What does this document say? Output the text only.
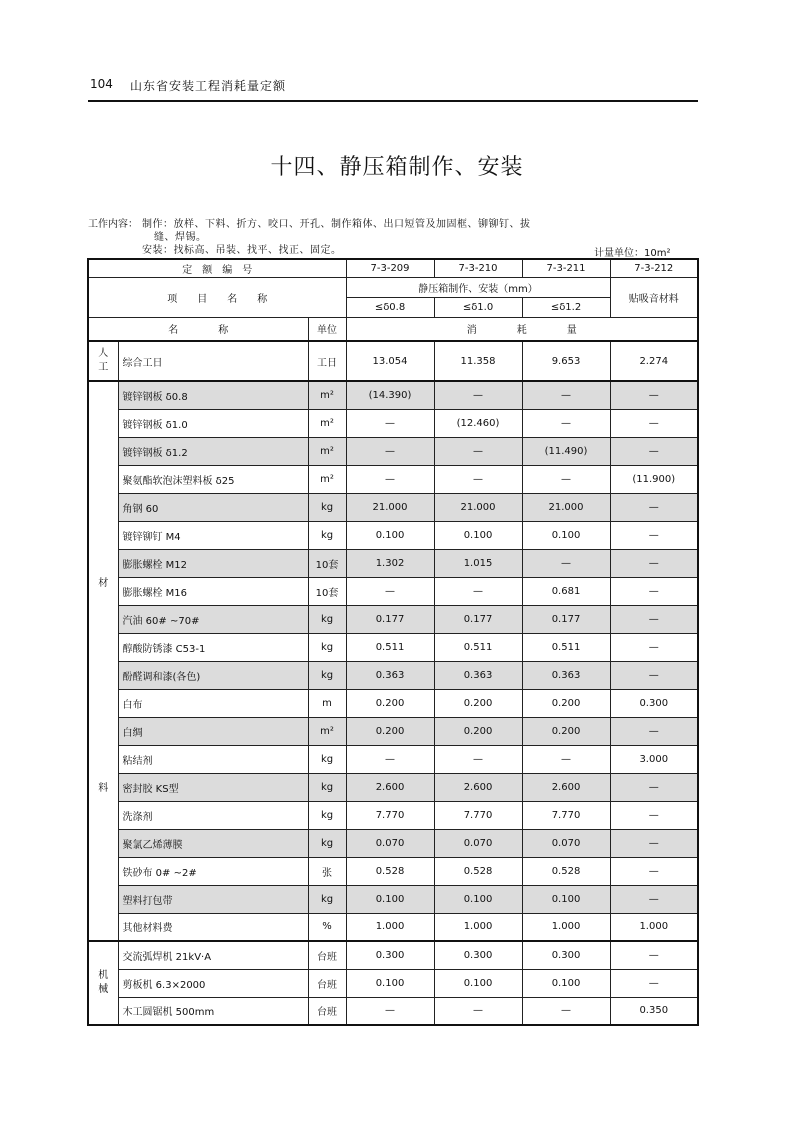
104 山东省安装工程消耗量定额
十四、静压箱制作、安装
工作内容： 制作：放样、下料、折方、咬口、开孔、制作箱体、出口短管及加固框、铆铆钉、拔
缝、焊锡。
安装：找标高、吊装、找平、找正、固定。	计量单位：10m²
定　额　编　号			7-3-209	7-3-210	7-3-211	7-3-212
项　　目　　名　　称			静压箱制作、安装（mm）			贴吸音材料
			≤δ0.8	≤δ1.0	≤δ1.2	
名　　　　称		单位	消　　　　耗　　　　量			
人工	综合工日	工日	13.054	11.358	9.653	2.274

材
料	镀锌钢板 δ0.8	m²	(14.390)	—	—	—
	镀锌钢板 δ1.0	m²	—	(12.460)	—	—
	镀锌钢板 δ1.2	m²	—	—	(11.490)	—
	聚氨酯软泡沫塑料板 δ25	m²	—	—	—	(11.900)
	角钢 60	kg	21.000	21.000	21.000	—
	镀锌铆钉 M4	kg	0.100	0.100	0.100	—
	膨胀螺栓 M12	10套	1.302	1.015	—	—
	膨胀螺栓 M16	10套	—	—	0.681	—
	汽油 60# ~70#	kg	0.177	0.177	0.177	—
	醇酸防锈漆 C53-1	kg	0.511	0.511	0.511	—
	酚醛调和漆(各色)	kg	0.363	0.363	0.363	—
	白布	m	0.200	0.200	0.200	0.300
	白绸	m²	0.200	0.200	0.200	—
	粘结剂	kg	—	—	—	3.000
	密封胶 KS型	kg	2.600	2.600	2.600	—
	洗涤剂	kg	7.770	7.770	7.770	—
	聚氯乙烯薄膜	kg	0.070	0.070	0.070	—
	铁砂布 0# ~2#	张	0.528	0.528	0.528	—
	塑料打包带	kg	0.100	0.100	0.100	—
	其他材料费	%	1.000	1.000	1.000	1.000
机械	交流弧焊机 21kV·A	台班	0.300	0.300	0.300	—
	剪板机 6.3×2000	台班	0.100	0.100	0.100	—
	木工圆锯机 500mm	台班	—	—	—	0.350
